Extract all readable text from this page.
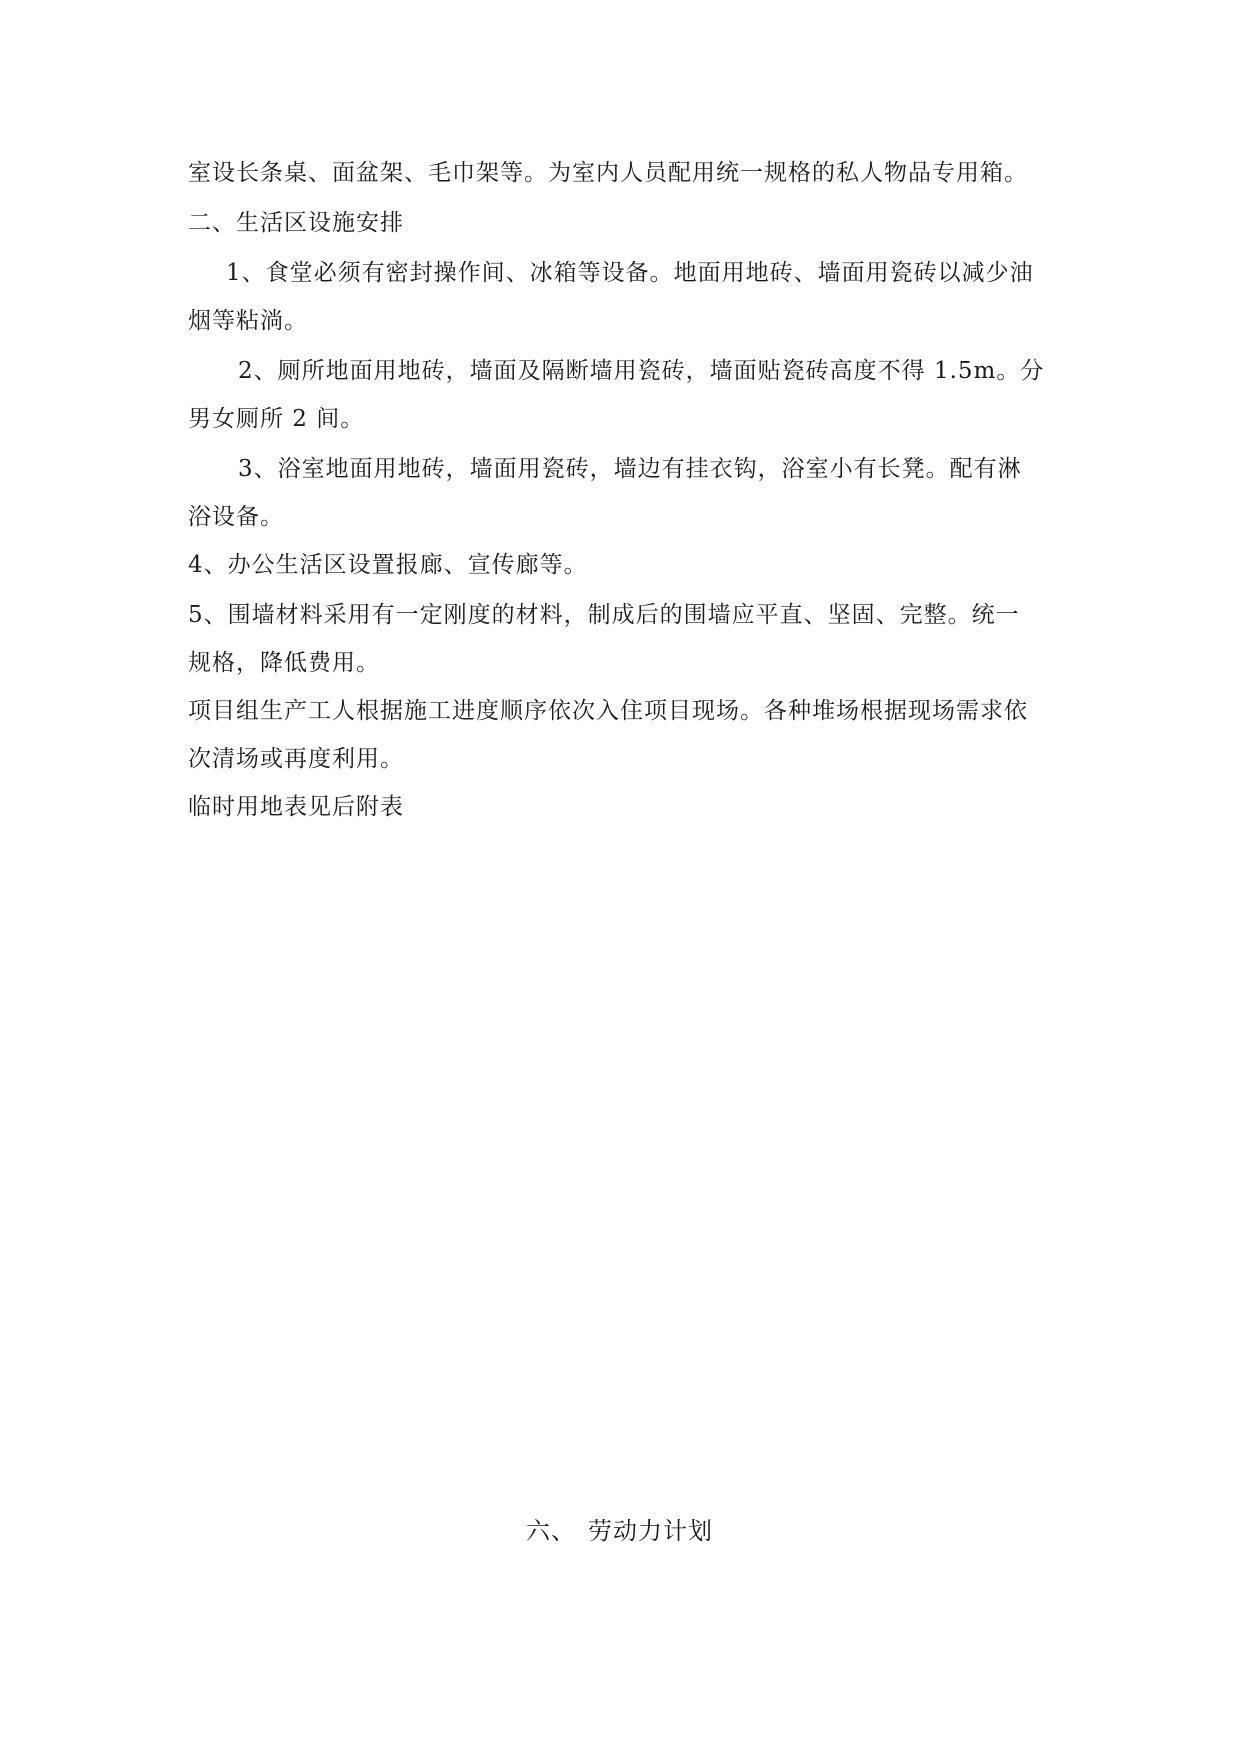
室设长条桌、面盆架、毛巾架等。为室内人员配用统一规格的私人物品专用箱。
二、生活区设施安排
1、食堂必须有密封操作间、冰箱等设备。地面用地砖、墙面用瓷砖以减少油
烟等粘淌。
2、厕所地面用地砖，墙面及隔断墙用瓷砖，墙面贴瓷砖高度不得 1.5m。分
男女厕所 2 间。
3、浴室地面用地砖，墙面用瓷砖，墙边有挂衣钩，浴室小有长凳。配有淋
浴设备。
4、办公生活区设置报廊、宣传廊等。
5、围墙材料采用有一定刚度的材料，制成后的围墙应平直、坚固、完整。统一
规格，降低费用。
项目组生产工人根据施工进度顺序依次入住项目现场。各种堆场根据现场需求依
次清场或再度利用。
临时用地表见后附表
六、 劳动力计划
